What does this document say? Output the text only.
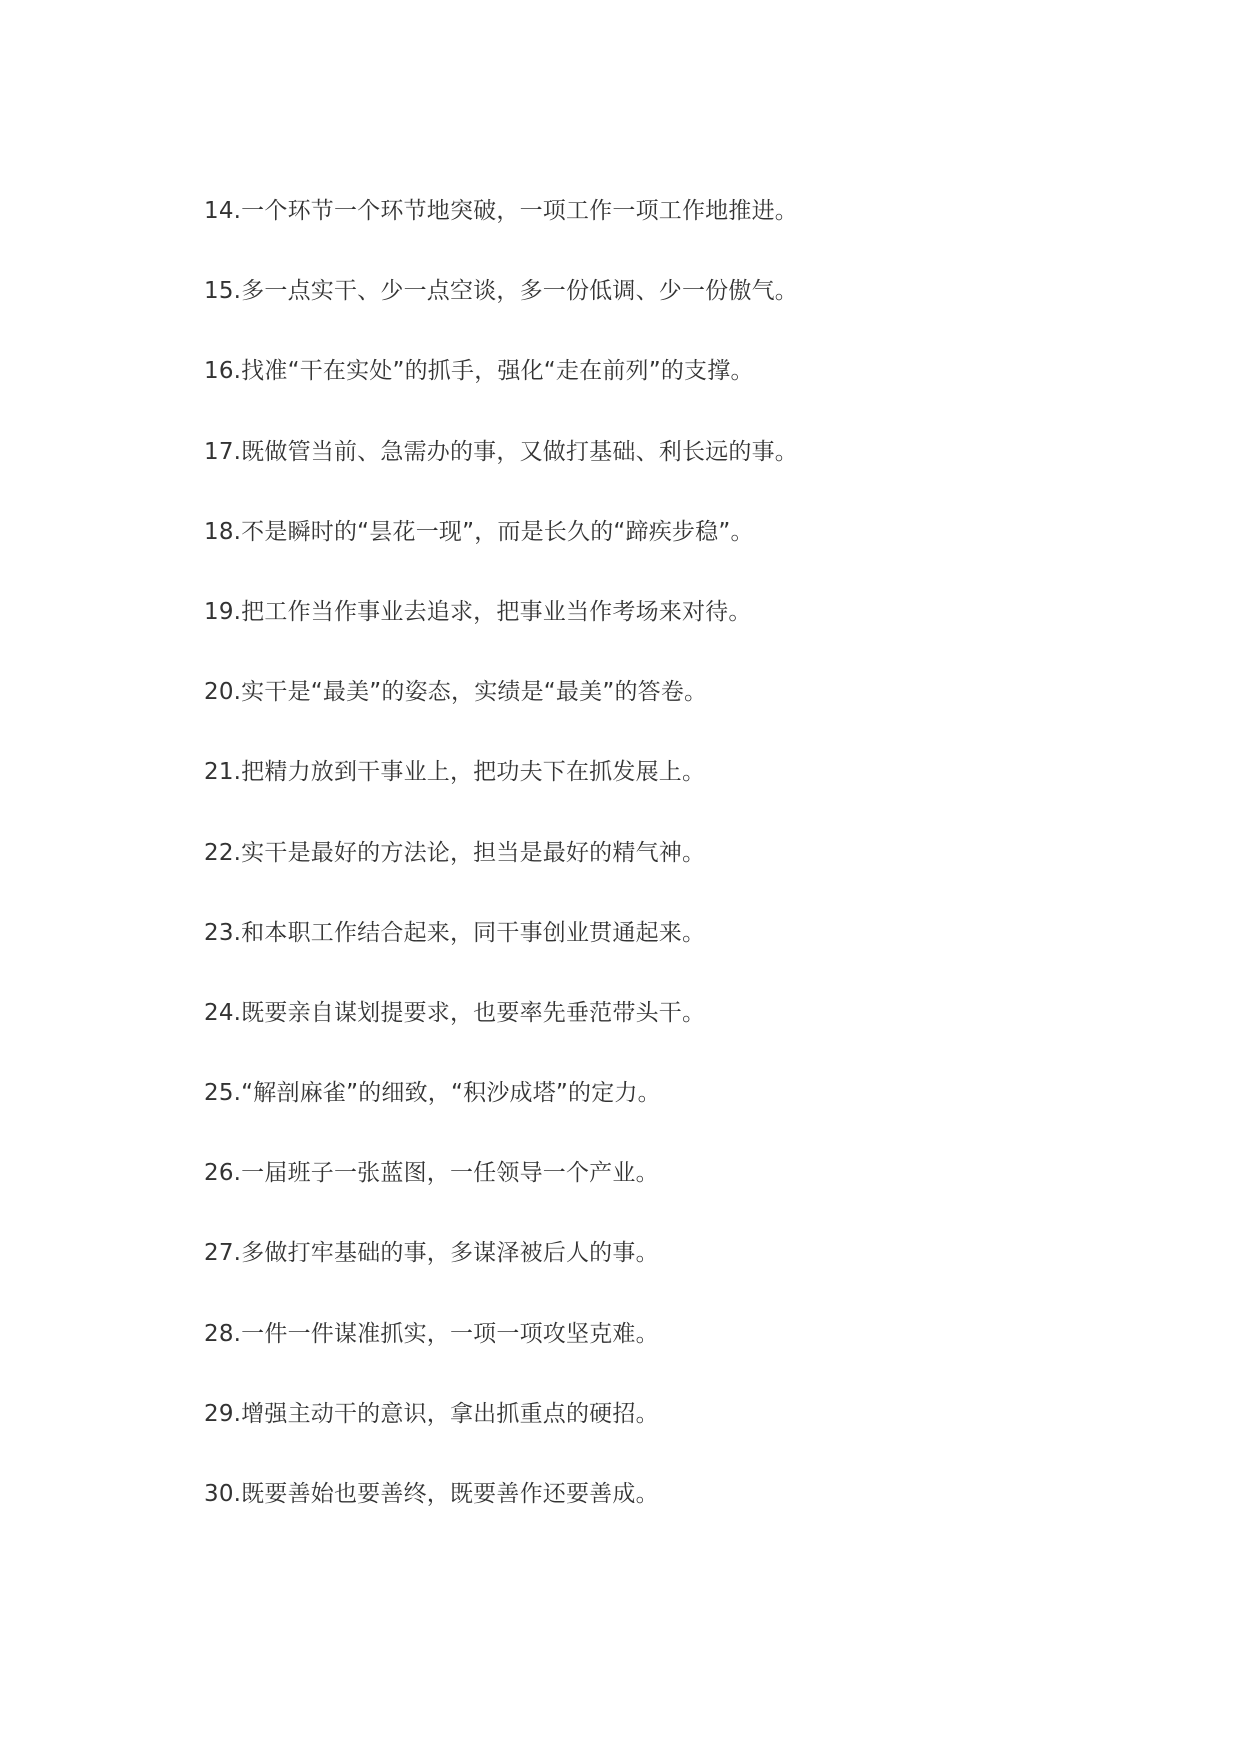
14.一个环节一个环节地突破，一项工作一项工作地推进。
15.多一点实干、少一点空谈，多一份低调、少一份傲气。
16.找准“干在实处”的抓手，强化“走在前列”的支撑。
17.既做管当前、急需办的事，又做打基础、利长远的事。
18.不是瞬时的“昙花一现”，而是长久的“蹄疾步稳”。
19.把工作当作事业去追求，把事业当作考场来对待。
20.实干是“最美”的姿态，实绩是“最美”的答卷。
21.把精力放到干事业上，把功夫下在抓发展上。
22.实干是最好的方法论，担当是最好的精气神。
23.和本职工作结合起来，同干事创业贯通起来。
24.既要亲自谋划提要求，也要率先垂范带头干。
25.“解剖麻雀”的细致，“积沙成塔”的定力。
26.一届班子一张蓝图，一任领导一个产业。
27.多做打牢基础的事，多谋泽被后人的事。
28.一件一件谋准抓实，一项一项攻坚克难。
29.增强主动干的意识，拿出抓重点的硬招。
30.既要善始也要善终，既要善作还要善成。
